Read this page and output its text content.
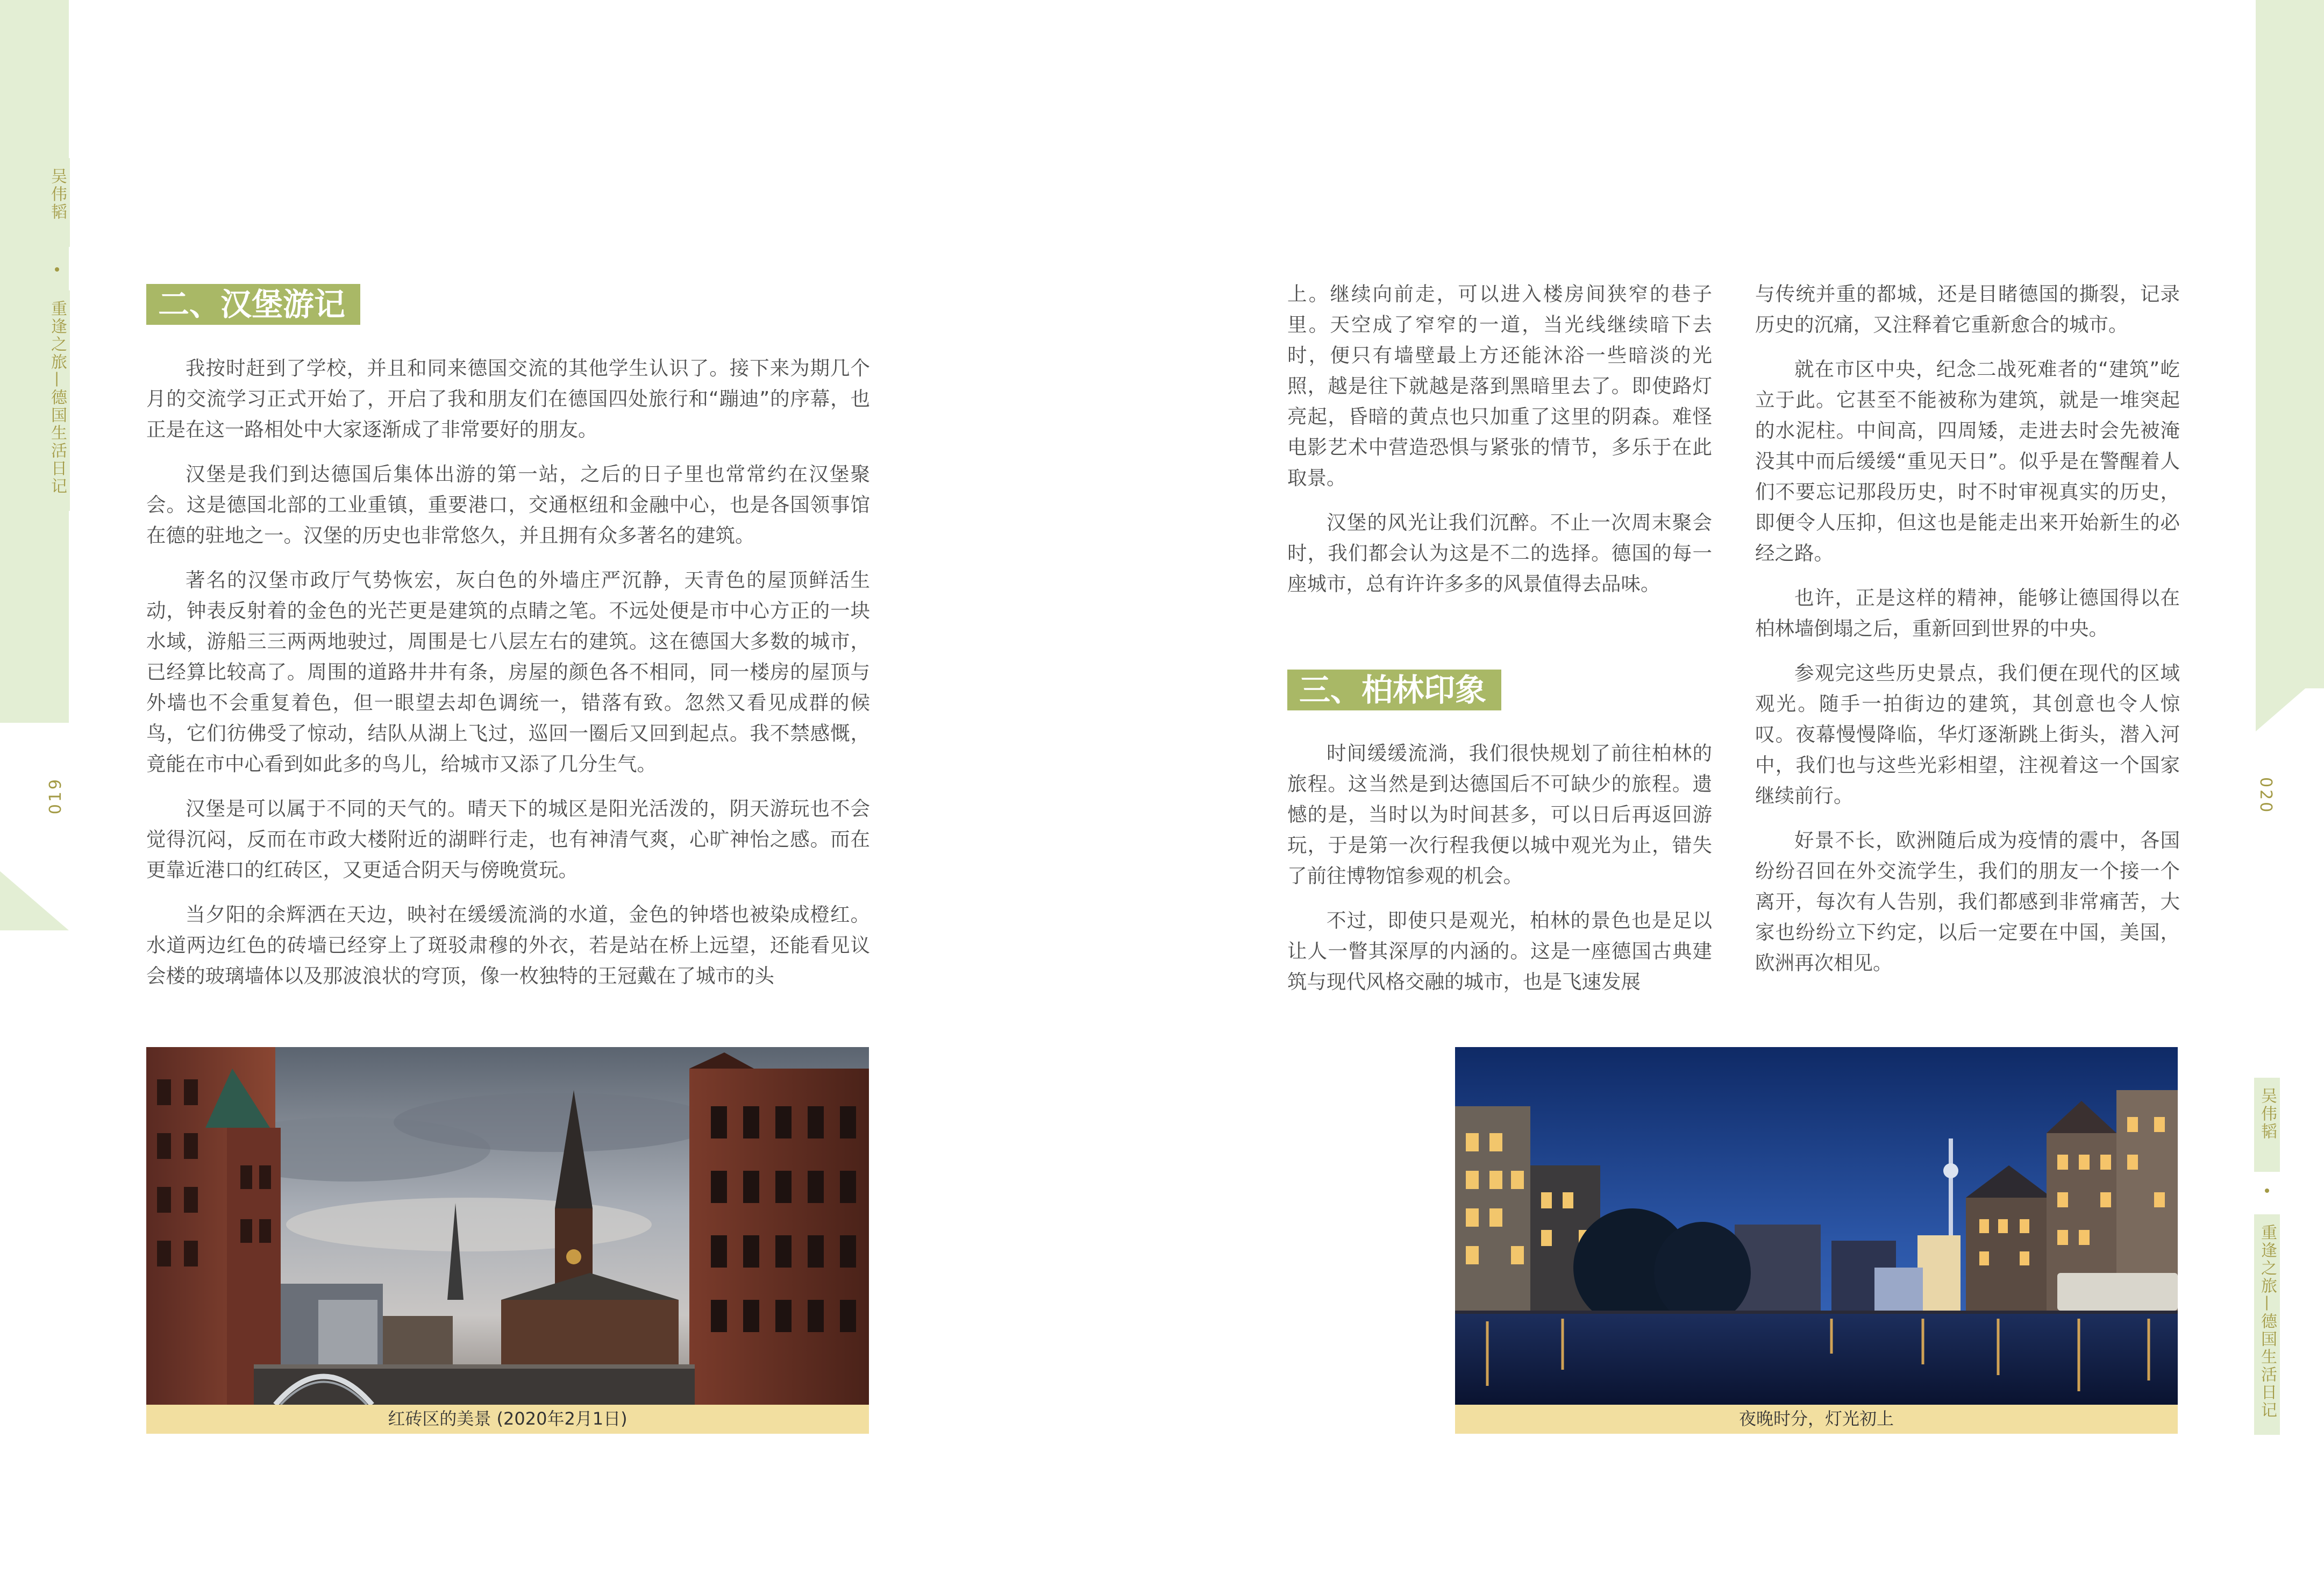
吴伟韬
重逢之旅—德国生活日记
019
二、汉堡游记

我按时赶到了学校，并且和同来德国交流的其他学生认识了。接下来为期几个月的交流学习正式开始了，开启了我和朋友们在德国四处旅行和“蹦迪”的序幕，也正是在这一路相处中大家逐渐成了非常要好的朋友。

汉堡是我们到达德国后集体出游的第一站，之后的日子里也常常约在汉堡聚会。这是德国北部的工业重镇，重要港口，交通枢纽和金融中心，也是各国领事馆在德的驻地之一。汉堡的历史也非常悠久，并且拥有众多著名的建筑。

著名的汉堡市政厅气势恢宏，灰白色的外墙庄严沉静，天青色的屋顶鲜活生动，钟表反射着的金色的光芒更是建筑的点睛之笔。不远处便是市中心方正的一块水域，游船三三两两地驶过，周围是七八层左右的建筑。这在德国大多数的城市，已经算比较高了。周围的道路井井有条，房屋的颜色各不相同，同一楼房的屋顶与外墙也不会重复着色，但一眼望去却色调统一，错落有致。忽然又看见成群的候鸟，它们彷佛受了惊动，结队从湖上飞过，巡回一圈后又回到起点。我不禁感慨，竟能在市中心看到如此多的鸟儿，给城市又添了几分生气。

汉堡是可以属于不同的天气的。晴天下的城区是阳光活泼的，阴天游玩也不会觉得沉闷，反而在市政大楼附近的湖畔行走，也有神清气爽，心旷神怡之感。而在更靠近港口的红砖区，又更适合阴天与傍晚赏玩。

当夕阳的余辉洒在天边，映衬在缓缓流淌的水道，金色的钟塔也被染成橙红。水道两边红色的砖墙已经穿上了斑驳肃穆的外衣，若是站在桥上远望，还能看见议会楼的玻璃墙体以及那波浪状的穹顶，像一枚独特的王冠戴在了城市的头

红砖区的美景 (2020年2月1日)

上。继续向前走，可以进入楼房间狭窄的巷子里。天空成了窄窄的一道，当光线继续暗下去时，便只有墙壁最上方还能沐浴一些暗淡的光照，越是往下就越是落到黑暗里去了。即使路灯亮起，昏暗的黄点也只加重了这里的阴森。难怪电影艺术中营造恐惧与紧张的情节，多乐于在此取景。

汉堡的风光让我们沉醉。不止一次周末聚会时，我们都会认为这是不二的选择。德国的每一座城市，总有许许多多的风景值得去品味。

三、柏林印象

时间缓缓流淌，我们很快规划了前往柏林的旅程。这当然是到达德国后不可缺少的旅程。遗憾的是，当时以为时间甚多，可以日后再返回游玩，于是第一次行程我便以城中观光为止，错失了前往博物馆参观的机会。

不过，即使只是观光，柏林的景色也是足以让人一瞥其深厚的内涵的。这是一座德国古典建筑与现代风格交融的城市，也是飞速发展

与传统并重的都城，还是目睹德国的撕裂，记录历史的沉痛，又注释着它重新愈合的城市。

就在市区中央，纪念二战死难者的“建筑”屹立于此。它甚至不能被称为建筑，就是一堆突起的水泥柱。中间高，四周矮，走进去时会先被淹没其中而后缓缓“重见天日”。似乎是在警醒着人们不要忘记那段历史，时不时审视真实的历史，即便令人压抑，但这也是能走出来开始新生的必经之路。

也许，正是这样的精神，能够让德国得以在柏林墙倒塌之后，重新回到世界的中央。

参观完这些历史景点，我们便在现代的区域观光。随手一拍街边的建筑，其创意也令人惊叹。夜幕慢慢降临，华灯逐渐跳上街头，潜入河中，我们也与这些光彩相望，注视着这一个国家继续前行。

好景不长，欧洲随后成为疫情的震中，各国纷纷召回在外交流学生，我们的朋友一个接一个离开，每次有人告别，我们都感到非常痛苦，大家也纷纷立下约定，以后一定要在中国，美国，欧洲再次相见。

020
吴伟韬
重逢之旅—德国生活日记
夜晚时分，灯光初上
